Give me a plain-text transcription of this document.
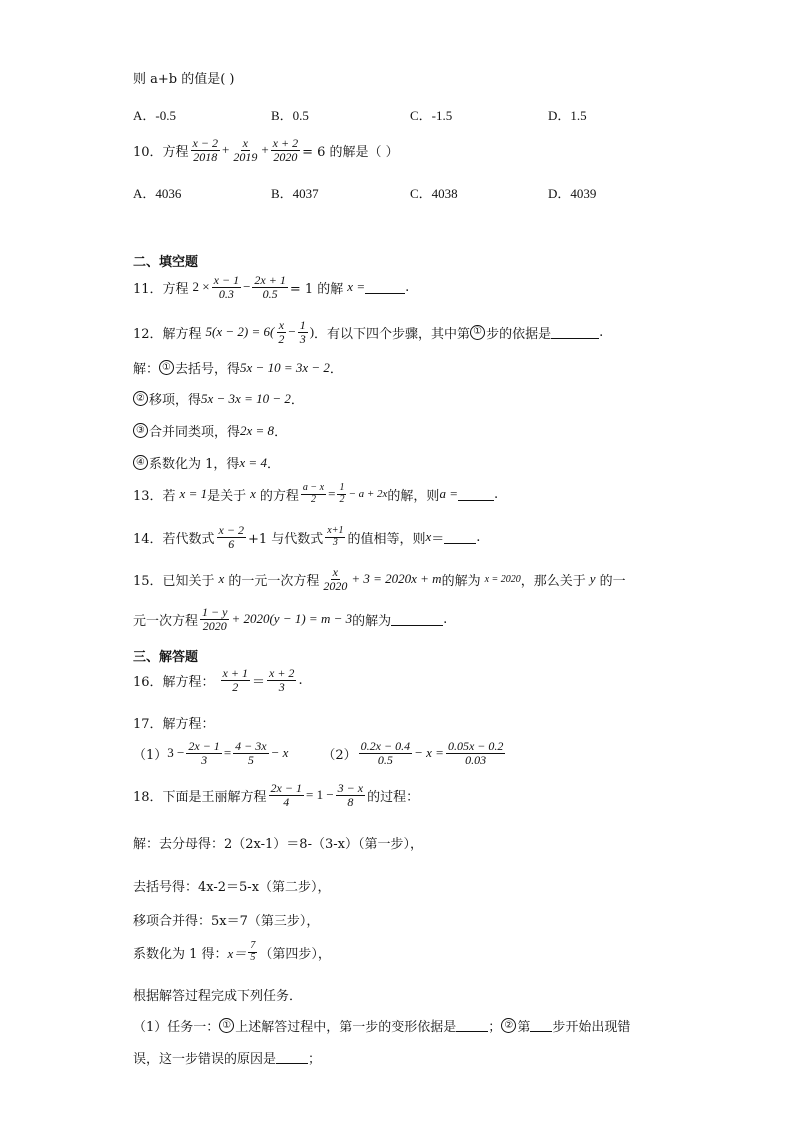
则 a+b 的值是( )
A．-0.5	B．0.5	C．-1.5	D．1.5
10．方程 $\frac{x - 2}{2018} + \frac{x}{2019} + \frac{x + 2}{2020} = 6$ 的解是（ ）
A．4036	B．4037	C．4038	D．4039
二、填空题
11．方程 $2 \times \frac{x - 1}{0.3} - \frac{2x + 1}{0.5} = 1$ 的解 x =	.
12．解方程 $5(x - 2) = 6( \frac{x}{2} - \frac{1}{3}$ ) ．有以下四个步骤，其中第 ① 步的依据是	.
解： ① 去括号，得 5x − 10 = 3x − 2 ．
② 移项，得 5x − 3x = 10 − 2 ．
③ 合并同类项，得 2x = 8 ．
④ 系数化为 1，得 x = 4 ．
13．若 x = 1 是关于 x 的方程 $\frac{a - x}{2} = \frac{1}{2} - a + 2x$ 的解，则 a =	.
14．若代数式 $\frac{x - 2}{6} +1$ 与代数式 $\frac{x+1}{3}$ 的值相等，则 x ＝ .
15．已知关于 x 的一元一次方程 $\frac{x}{2020} + 3 = 2020x + m$ 的解为 x = 2020 ，那么关于 y 的一
元一次方程 $\frac{1 - y}{2020} + 2020(y - 1) = m - 3$ 的解为	.
三、解答题
16．解方程： $\frac{x + 1}{2} = \frac{x + 2}{3}$ .
17．解方程：
（1） $3 - \frac{2x - 1}{3} = \frac{4 - 3x}{5} - x$	$(2) \frac{0.2x - 0.4}{0.5} - x = \frac{0.05x - 0.2}{0.03}$
18．下面是王丽解方程 $\frac{2x - 1}{4} = 1 - \frac{3 - x}{8}$ 的过程：
解：去分母得：2（2x-1）＝8-（3-x）（第一步），
去括号得：4x-2＝5-x（第二步），
移项合并得：5x＝7（第三步），
系数化为 1 得： $x= \frac{7}{5}$ （第四步），
根据解答过程完成下列任务．
（1）任务一： ① 上述解答过程中，第一步的变形依据是 ； ② 第 步开始出现错
误，这一步错误的原因是 ；
